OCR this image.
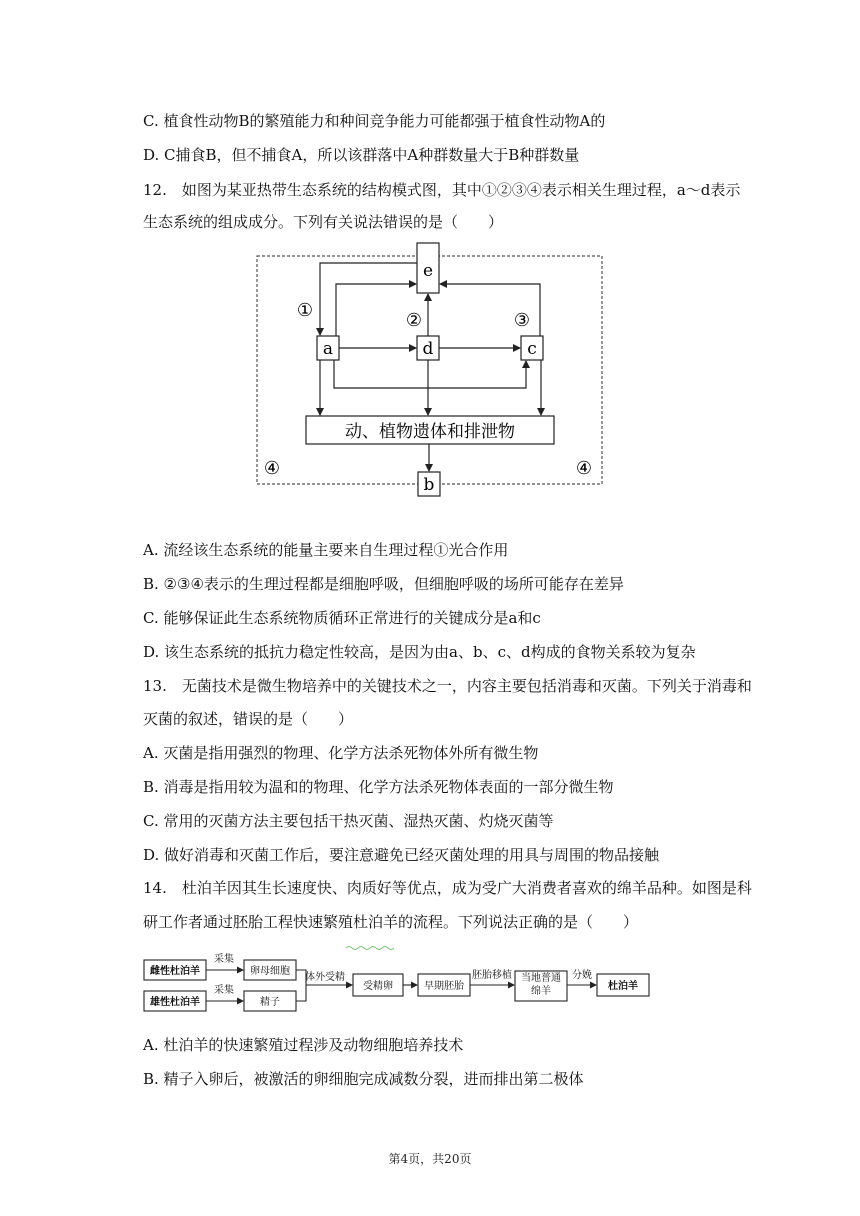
C. 植食性动物B的繁殖能力和种间竞争能力可能都强于植食性动物A的
D. C捕食B，但不捕食A，所以该群落中A种群数量大于B种群数量
12.　如图为某亚热带生态系统的结构模式图，其中①②③④表示相关生理过程，a～d表示
生态系统的组成成分。下列有关说法错误的是（　　）
e
a	d	c
动、植物遗体和排泄物
b
①	②	③
④	④
A. 流经该生态系统的能量主要来自生理过程①光合作用
B. ②③④表示的生理过程都是细胞呼吸，但细胞呼吸的场所可能存在差异
C. 能够保证此生态系统物质循环正常进行的关键成分是a和c
D. 该生态系统的抵抗力稳定性较高，是因为由a、b、c、d构成的食物关系较为复杂
13.　无菌技术是微生物培养中的关键技术之一，内容主要包括消毒和灭菌。下列关于消毒和
灭菌的叙述，错误的是（　　）
A. 灭菌是指用强烈的物理、化学方法杀死物体外所有微生物
B. 消毒是指用较为温和的物理、化学方法杀死物体表面的一部分微生物
C. 常用的灭菌方法主要包括干热灭菌、湿热灭菌、灼烧灭菌等
D. 做好消毒和灭菌工作后，要注意避免已经灭菌处理的用具与周围的物品接触
14.　杜泊羊因其生长速度快、肉质好等优点，成为受广大消费者喜欢的绵羊品种。如图是科
研工作者通过胚胎工程快速繁殖杜泊羊的流程。下列说法正确的是（　　）
雌性杜泊羊
雄性杜泊羊
采集
采集
卵母细胞
精子
体外受精
受精卵	早期胚胎
胚胎移植 当地普通绵羊
分娩
杜泊羊
A. 杜泊羊的快速繁殖过程涉及动物细胞培养技术
B. 精子入卵后，被激活的卵细胞完成减数分裂，进而排出第二极体
第4页，共20页
